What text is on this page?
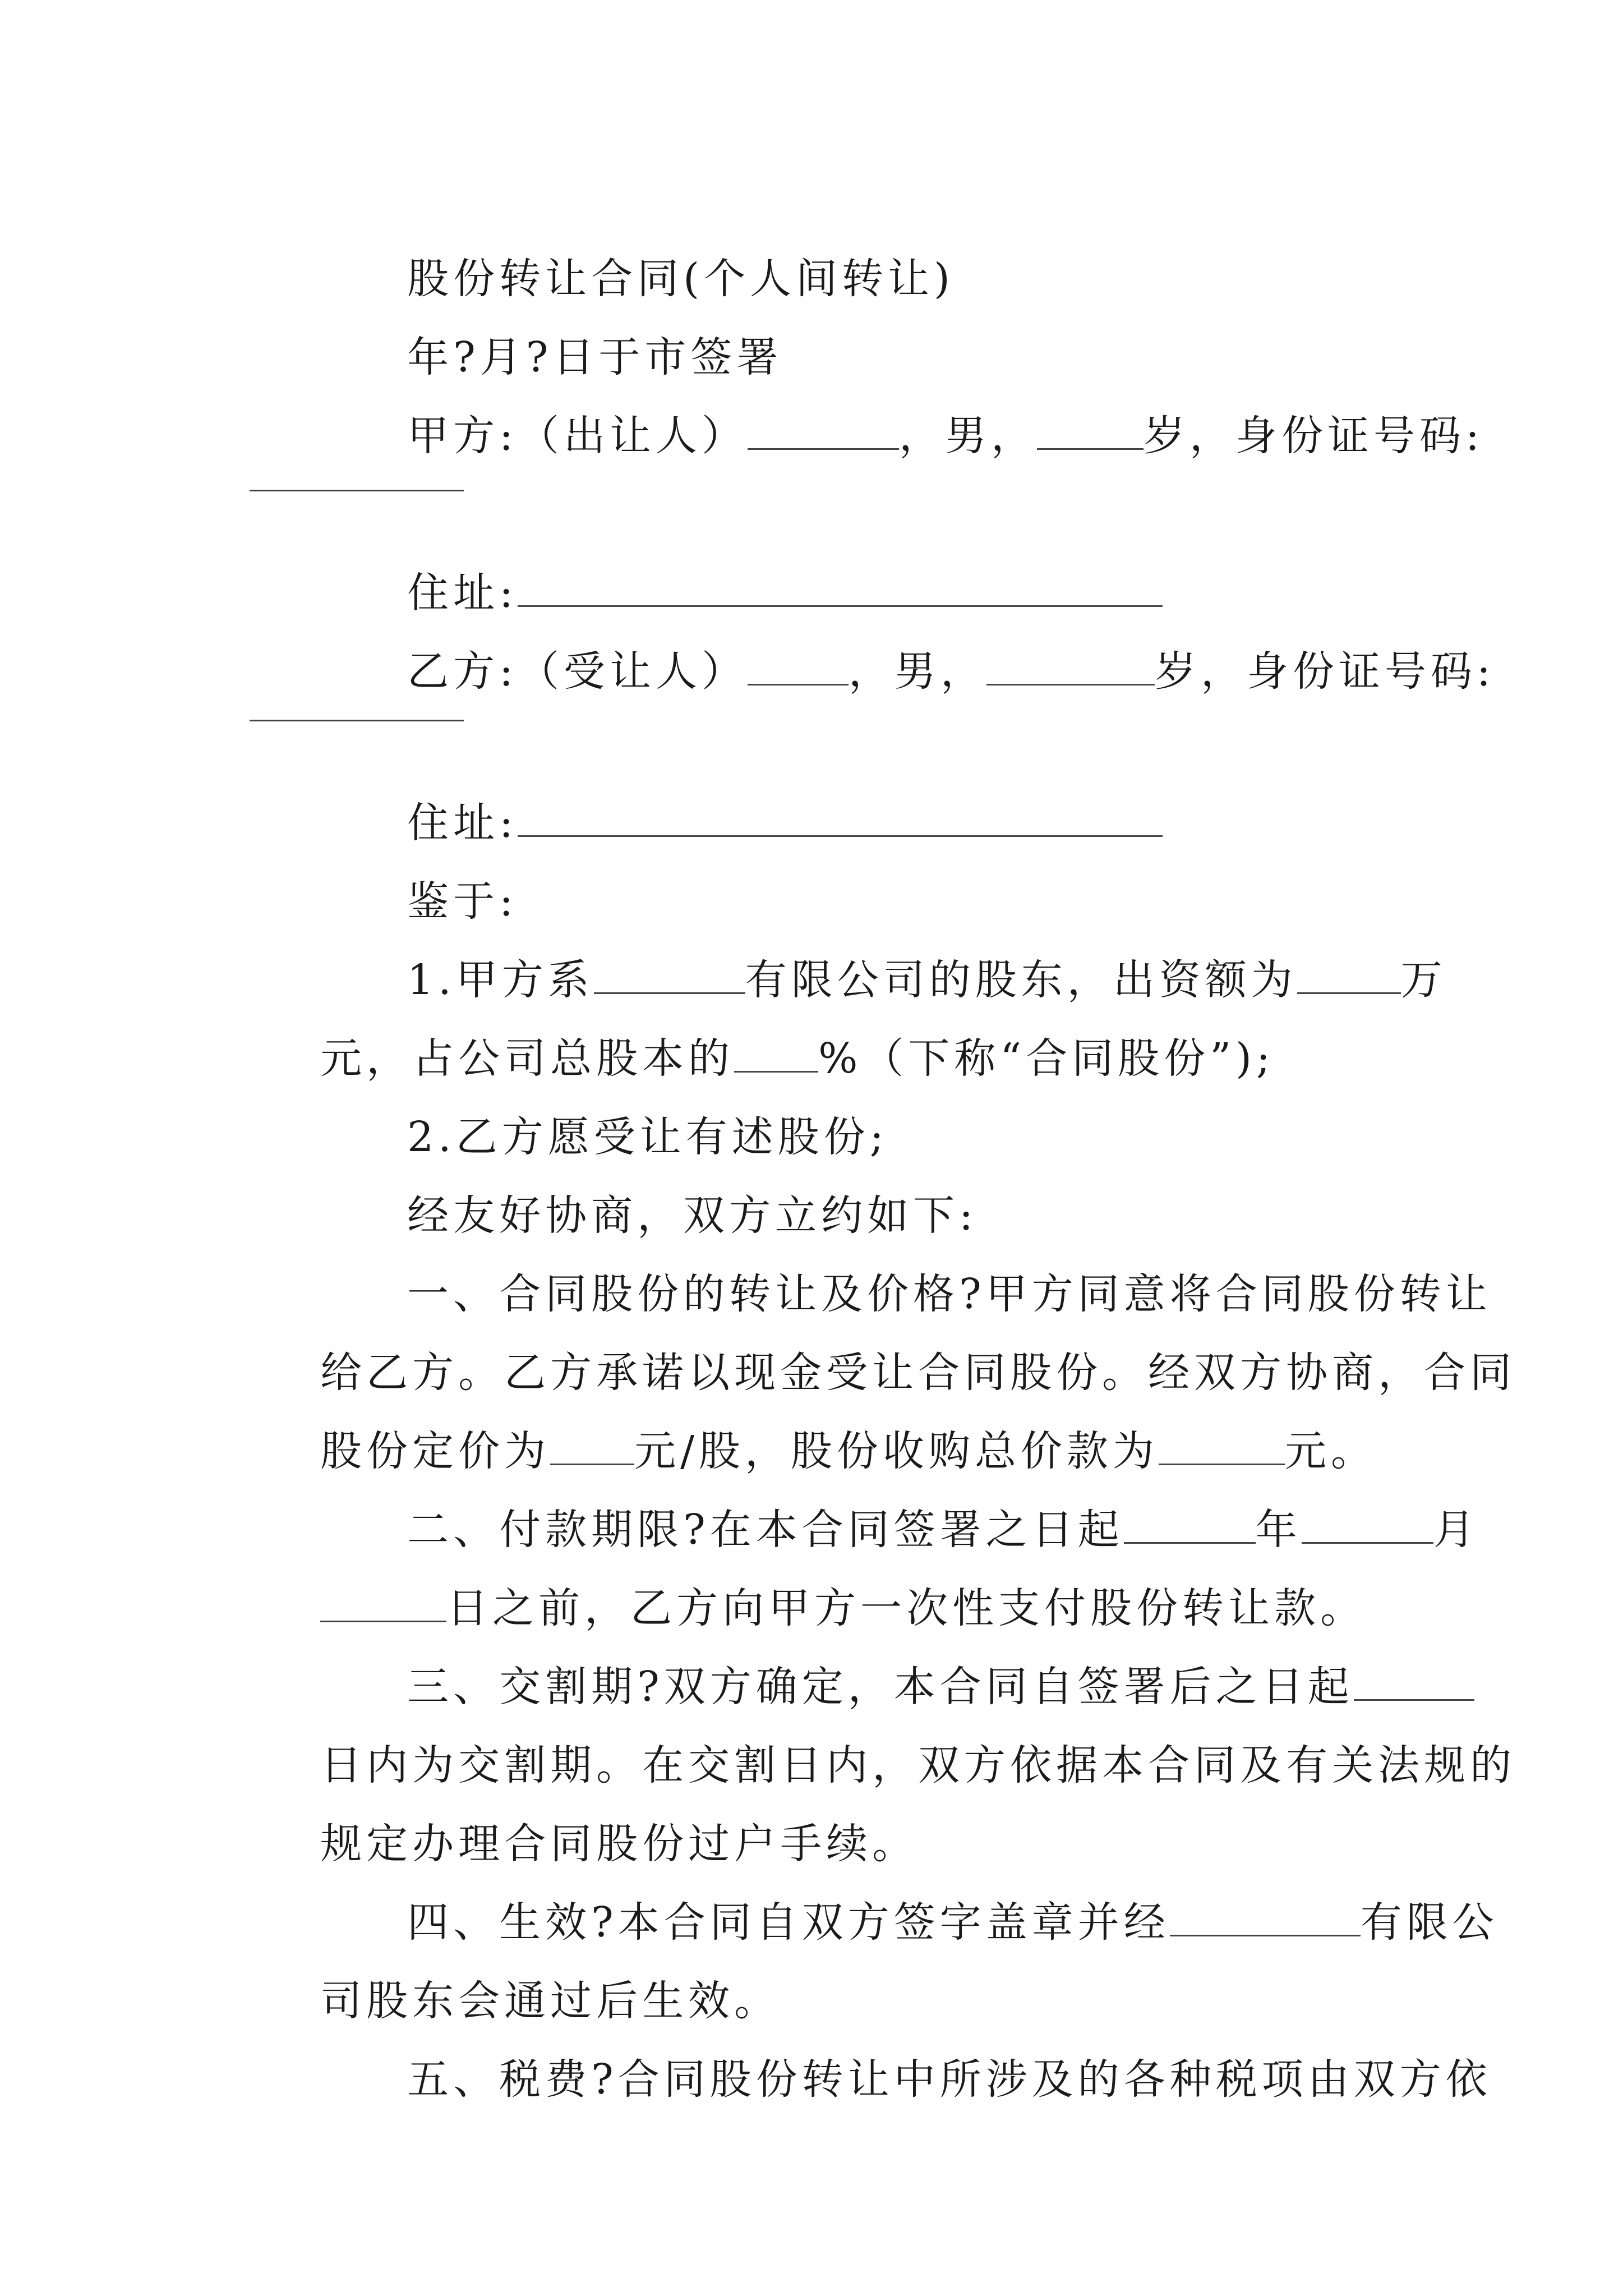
股份转让合同(个人间转让)

年?月?日于市签署

甲方:（出让人）	，男，	岁，身份证号码:

住址:

乙方:（受让人） ，男，	岁，身份证号码:

住址:

鉴于:

1.甲方系	有限公司的股东，出资额为	万

元，占公司总股本的 %（下称“合同股份”);

2.乙方愿受让有述股份;

经友好协商，双方立约如下:

一、合同股份的转让及价格?甲方同意将合同股份转让

给乙方。乙方承诺以现金受让合同股份。经双方协商，合同

股份定价为 元/股，股份收购总价款为	元。

二、付款期限?在本合同签署之日起	年	月

日之前，乙方向甲方一次性支付股份转让款。

三、交割期?双方确定，本合同自签署后之日起

日内为交割期。在交割日内，双方依据本合同及有关法规的

规定办理合同股份过户手续。

四、生效?本合同自双方签字盖章并经	有限公

司股东会通过后生效。

五、税费?合同股份转让中所涉及的各种税项由双方依
